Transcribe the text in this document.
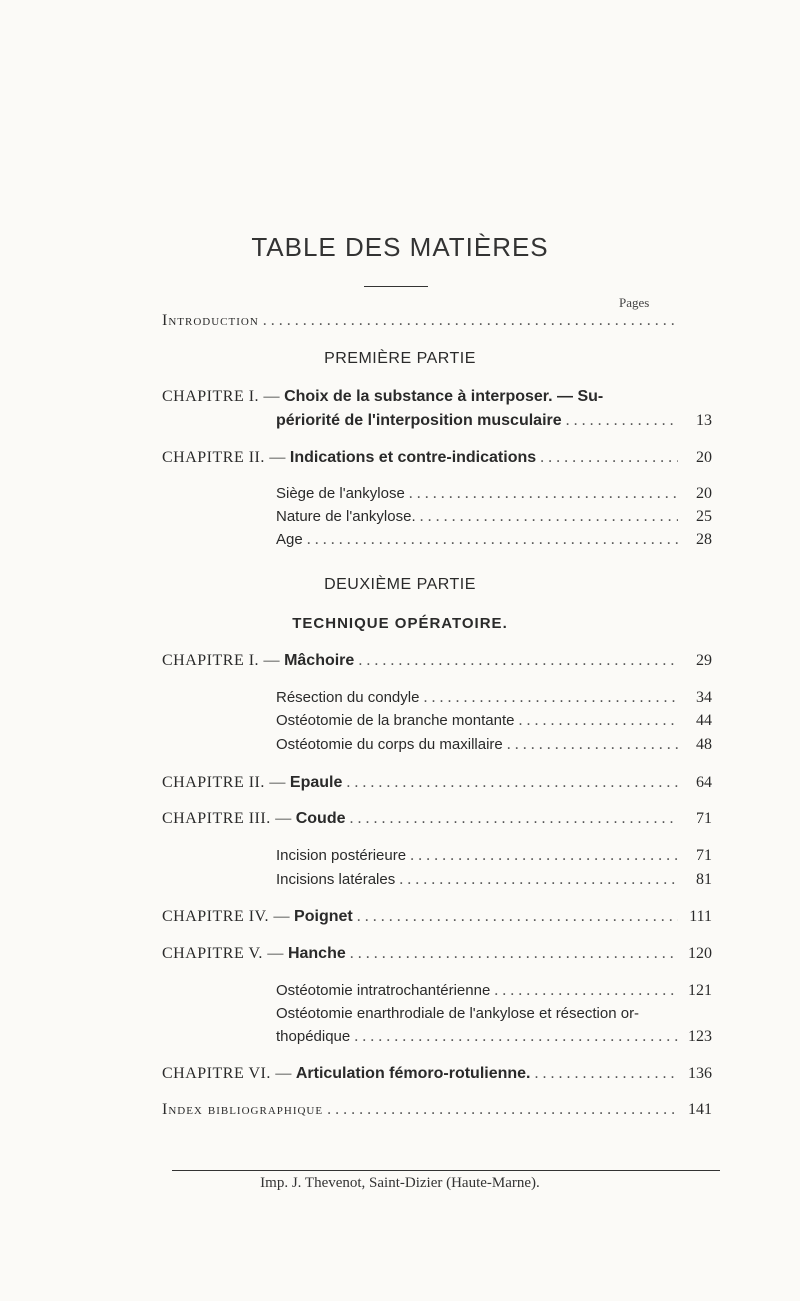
TABLE DES MATIÈRES
Pages
Introduction
. . .
PREMIÈRE PARTIE
CHAPITRE I. — Choix de la substance à interposer. — Su-
périorité de l'interposition musculaire . . .	13
CHAPITRE II. — Indications et contre-indications . . .	20
Siège de l'ankylose . . .	20
Nature de l'ankylose. . . .	25
Age . . .	28
DEUXIÈME PARTIE
TECHNIQUE OPÉRATOIRE.
CHAPITRE I. — Mâchoire . . .	29
Résection du condyle . . .	34
Ostéotomie de la branche montante . . .	44
Ostéotomie du corps du maxillaire . . .	48
CHAPITRE II. — Epaule . . .	64
CHAPITRE III. — Coude . . .	71
Incision postérieure . . .	71
Incisions latérales . . .	81
CHAPITRE IV. — Poignet . . .	111
CHAPITRE V. — Hanche . . .	120
Ostéotomie intratrochantérienne . . .	121
Ostéotomie enarthrodiale de l'ankylose et résection or-
thopédique . . .	123
CHAPITRE VI. — Articulation fémoro-rotulienne. . . .	136
Index bibliographique . . .	141
Imp. J. Thevenot, Saint-Dizier (Haute-Marne).
